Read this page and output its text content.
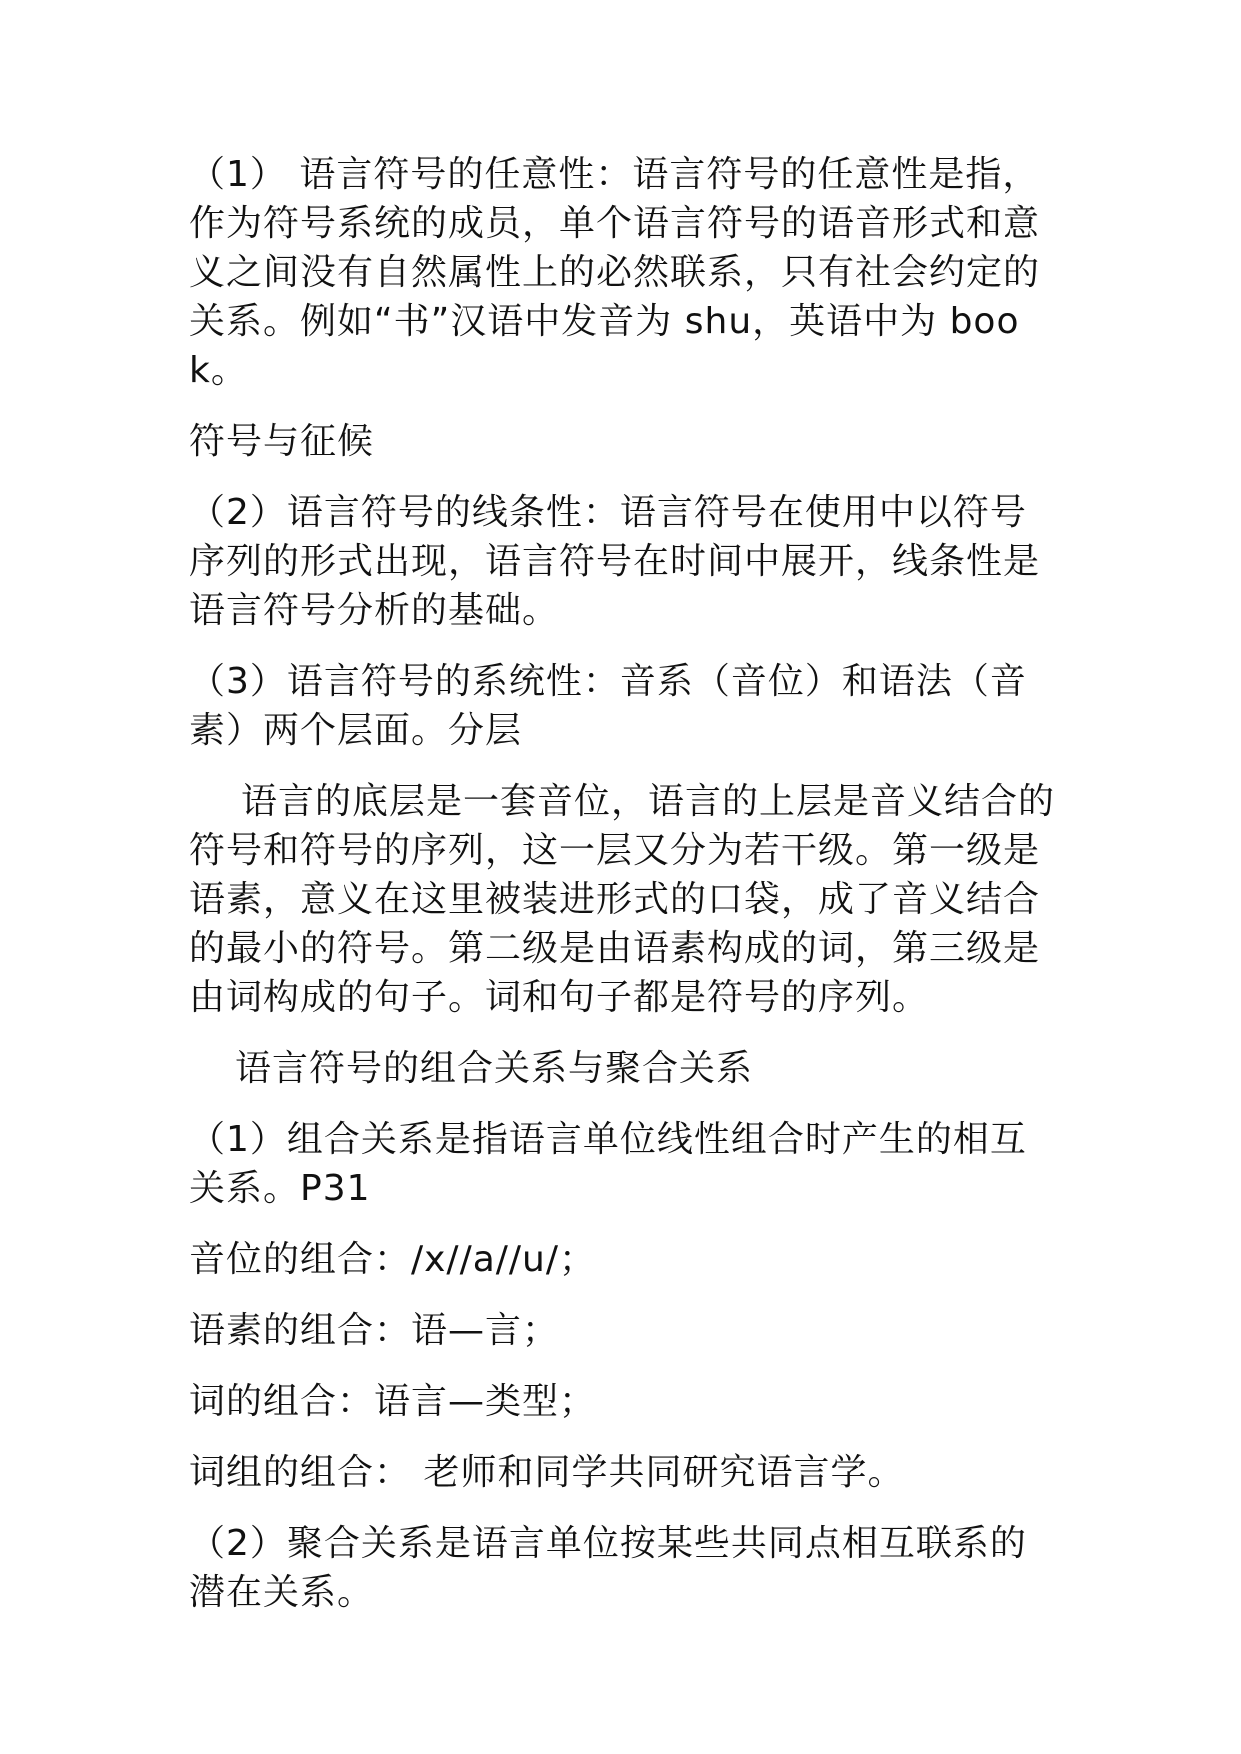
（1） 语言符号的任意性：语言符号的任意性是指，作为符号系统的成员，单个语言符号的语音形式和意义之间没有自然属性上的必然联系，只有社会约定的关系。例如“书”汉语中发音为 shu，英语中为 book。

符号与征候

（2）语言符号的线条性：语言符号在使用中以符号序列的形式出现，语言符号在时间中展开，线条性是语言符号分析的基础。

（3）语言符号的系统性：音系（音位）和语法（音素）两个层面。分层

语言的底层是一套音位，语言的上层是音义结合的符号和符号的序列，这一层又分为若干级。第一级是语素，意义在这里被装进形式的口袋，成了音义结合的最小的符号。第二级是由语素构成的词，第三级是由词构成的句子。词和句子都是符号的序列。

语言符号的组合关系与聚合关系

（1）组合关系是指语言单位线性组合时产生的相互关系。P31

音位的组合：/x//a//u/；

语素的组合：语—言；

词的组合：语言—类型；

词组的组合： 老师和同学共同研究语言学。

（2）聚合关系是语言单位按某些共同点相互联系的潜在关系。
